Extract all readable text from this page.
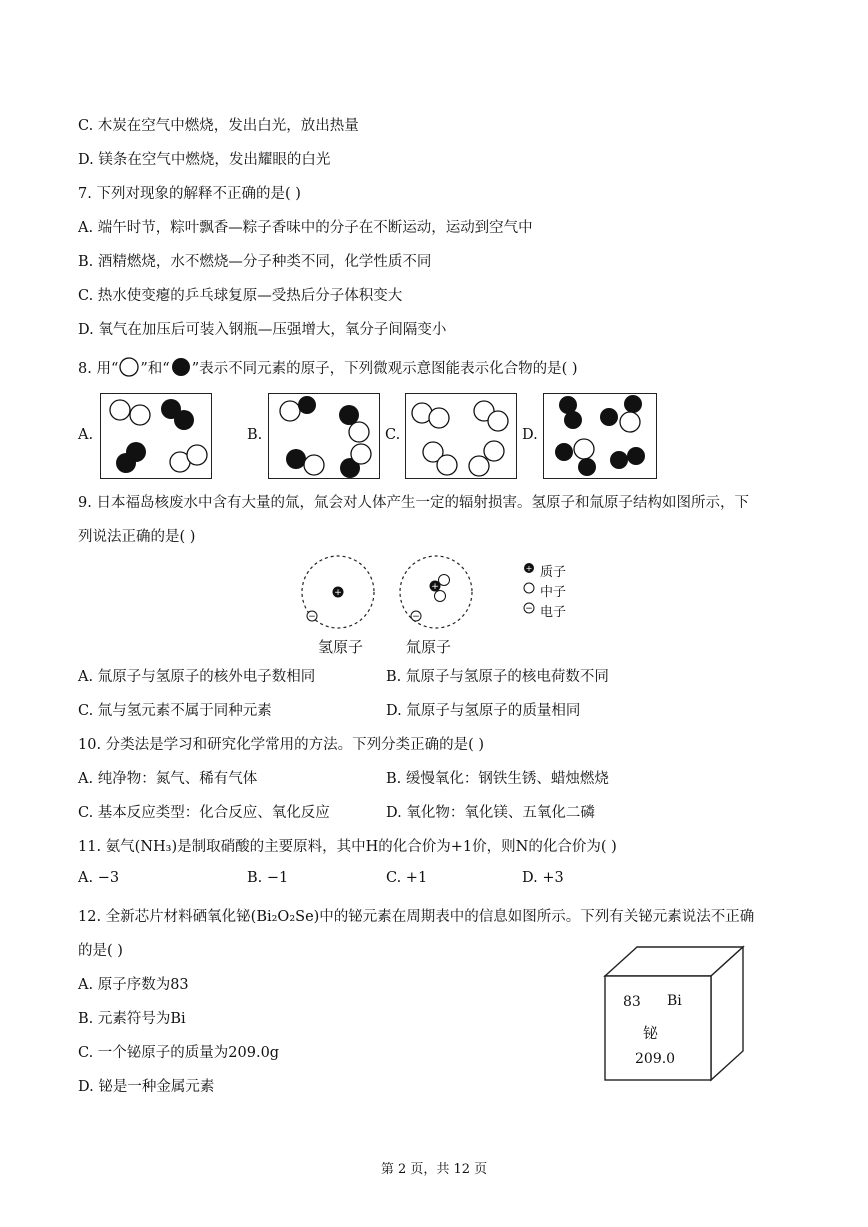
C. 木炭在空气中燃烧，发出白光，放出热量
D. 镁条在空气中燃烧，发出耀眼的白光
7. 下列对现象的解释不正确的是( )
A. 端午时节，粽叶飘香—粽子香味中的分子在不断运动，运动到空气中
B. 酒精燃烧，水不燃烧—分子种类不同，化学性质不同
C. 热水使变瘪的乒乓球复原—受热后分子体积变大
D. 氧气在加压后可装入钢瓶—压强增大，氧分子间隔变小
8. 用“ ”和“ ”表示不同元素的原子，下列微观示意图能表示化合物的是( )
A.	B.	C.	D.
9. 日本福岛核废水中含有大量的氚，氚会对人体产生一定的辐射损害。氢原子和氚原子结构如图所示，下
列说法正确的是( )
+
−
+
−
+
−
质子
中子
电子
氢原子	氚原子
A. 氚原子与氢原子的核外电子数相同	B. 氚原子与氢原子的核电荷数不同
C. 氚与氢元素不属于同种元素	D. 氚原子与氢原子的质量相同
10. 分类法是学习和研究化学常用的方法。下列分类正确的是( )
A. 纯净物：氮气、稀有气体	B. 缓慢氧化：钢铁生锈、蜡烛燃烧
C. 基本反应类型：化合反应、氧化反应	D. 氧化物：氧化镁、五氧化二磷
11. 氨气(NH₃)是制取硝酸的主要原料，其中H的化合价为+1价，则N的化合价为( )
A. −3	B. −1	C. +1	D. +3
12. 全新芯片材料硒氧化铋(Bi₂O₂Se)中的铋元素在周期表中的信息如图所示。下列有关铋元素说法不正确
的是( )
A. 原子序数为83
B. 元素符号为Bi
C. 一个铋原子的质量为209.0g
D. 铋是一种金属元素
83 Bi
铋
209.0
第 2 页，共 12 页
